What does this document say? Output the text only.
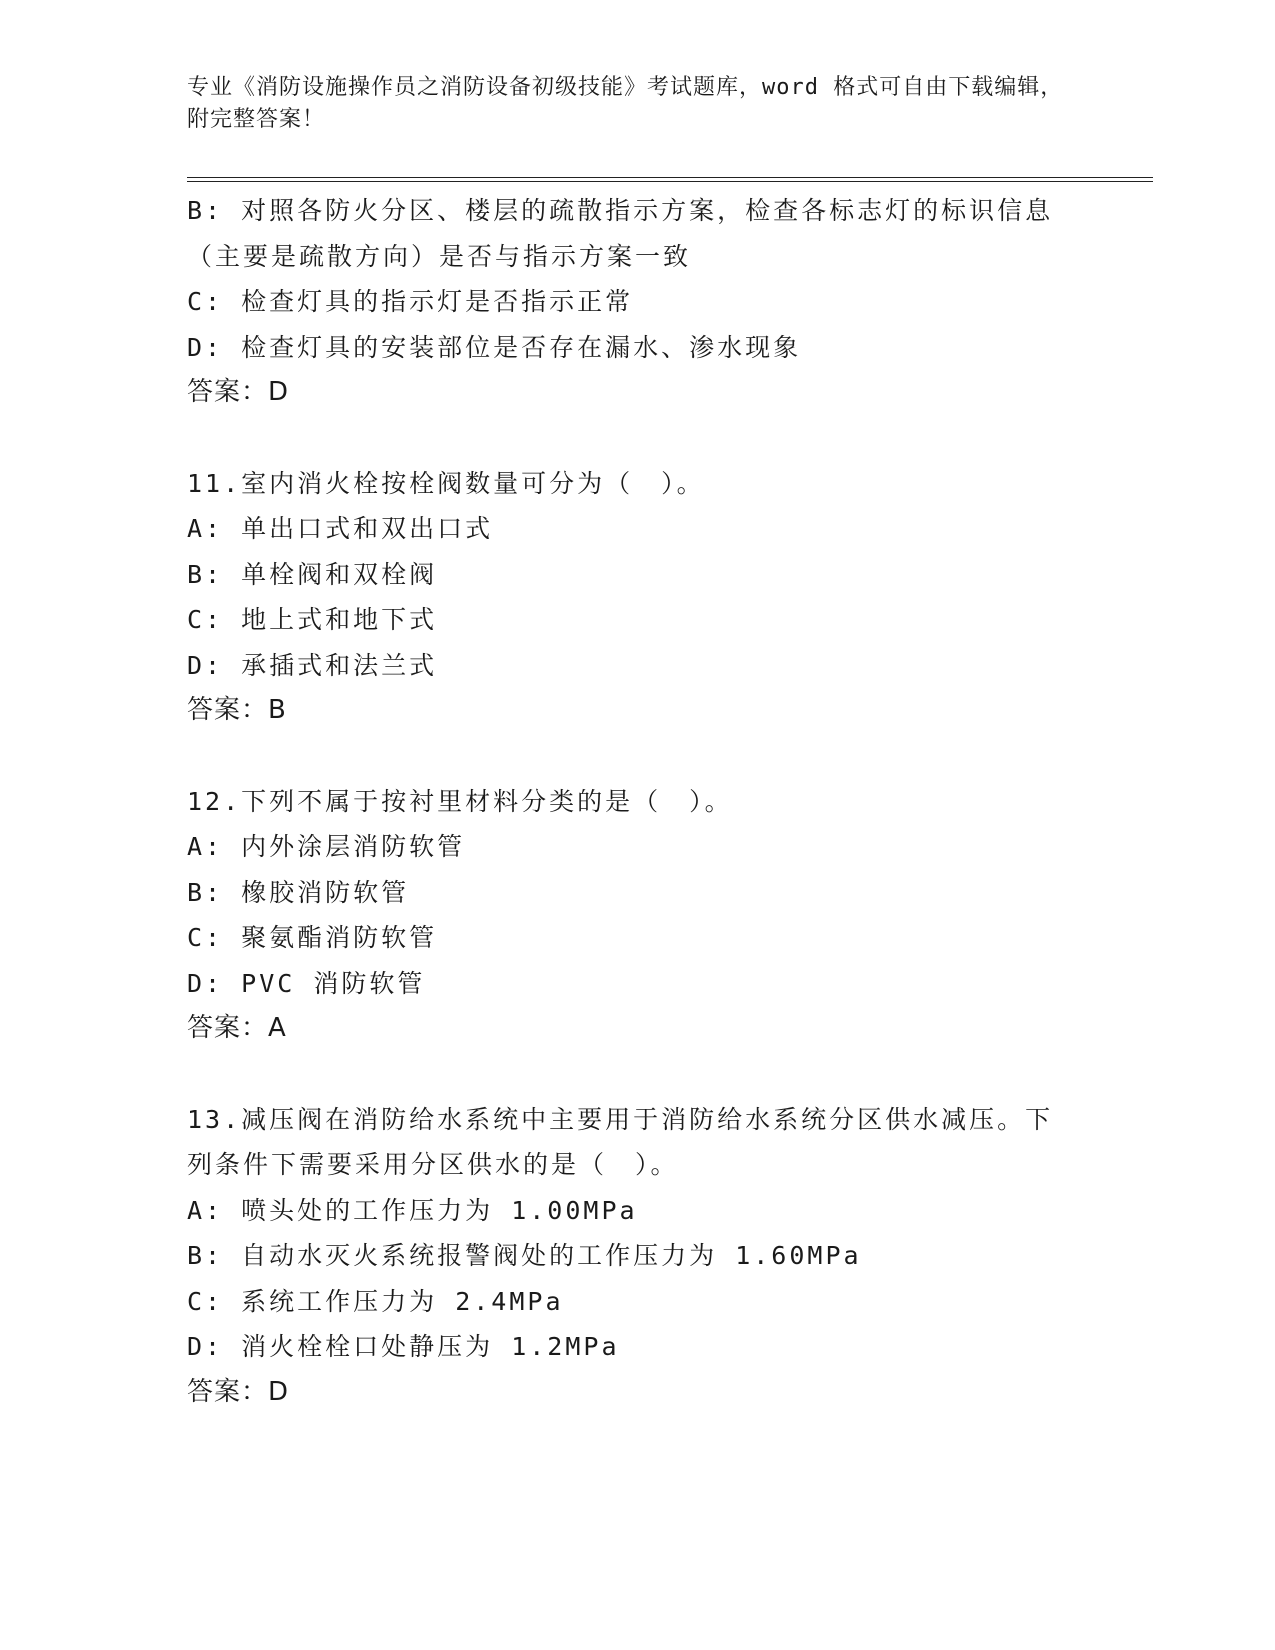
专业《消防设施操作员之消防设备初级技能》考试题库，word 格式可自由下载编辑，附完整答案！
B: 对照各防火分区、楼层的疏散指示方案，检查各标志灯的标识信息
（主要是疏散方向）是否与指示方案一致
C: 检查灯具的指示灯是否指示正常
D: 检查灯具的安装部位是否存在漏水、渗水现象
答案：D
11.室内消火栓按栓阀数量可分为（　）。
A: 单出口式和双出口式
B: 单栓阀和双栓阀
C: 地上式和地下式
D: 承插式和法兰式
答案：B
12.下列不属于按衬里材料分类的是（　）。
A: 内外涂层消防软管
B: 橡胶消防软管
C: 聚氨酯消防软管
D: PVC 消防软管
答案：A
13.减压阀在消防给水系统中主要用于消防给水系统分区供水减压。下
列条件下需要采用分区供水的是（　）。
A: 喷头处的工作压力为 1.00MPa
B: 自动水灭火系统报警阀处的工作压力为 1.60MPa
C: 系统工作压力为 2.4MPa
D: 消火栓栓口处静压为 1.2MPa
答案：D
